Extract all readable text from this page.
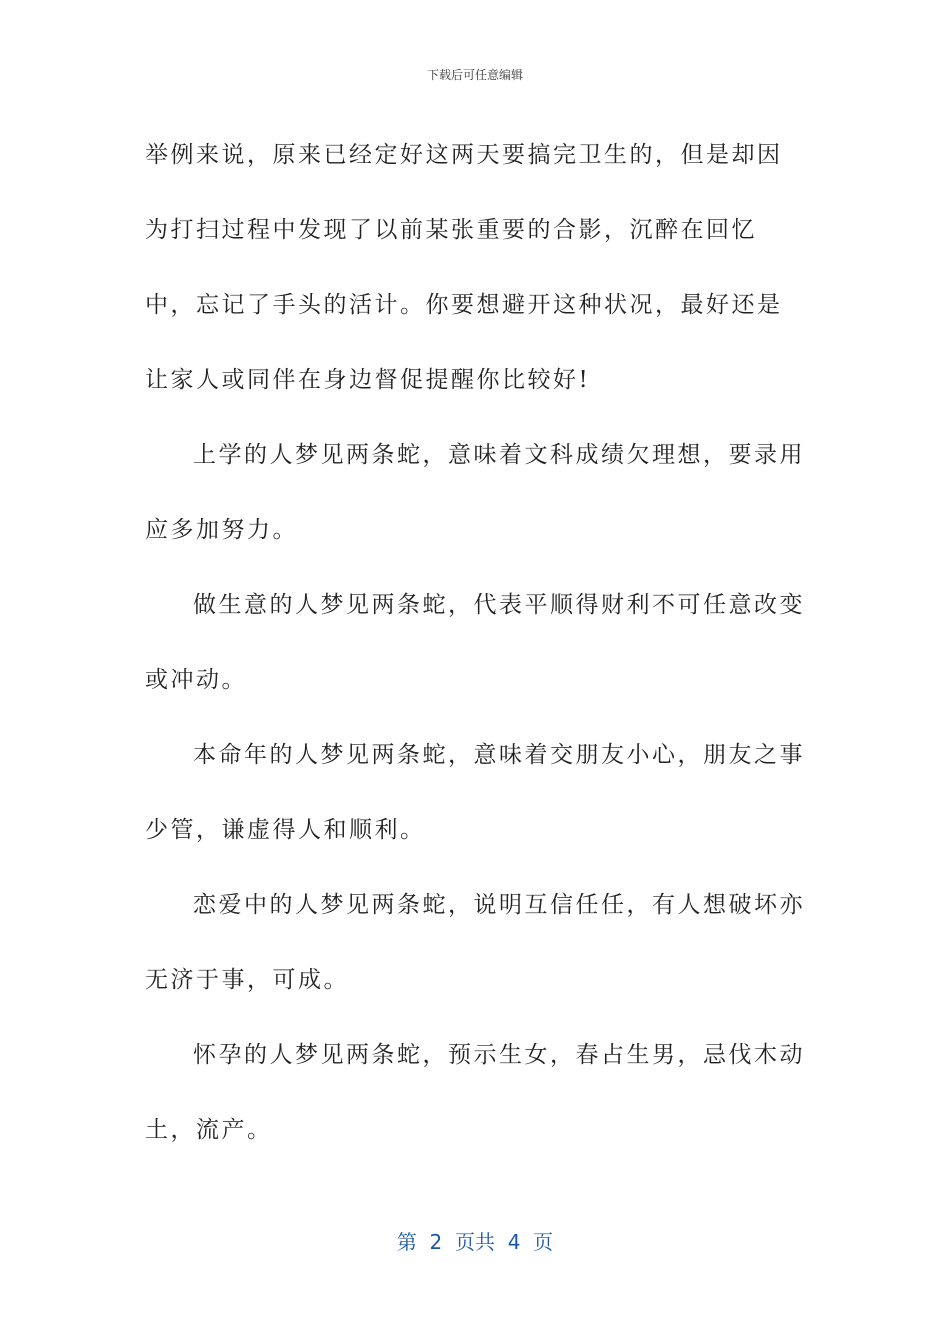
下载后可任意编辑

举例来说，原来已经定好这两天要搞完卫生的，但是却因为打扫过程中发现了以前某张重要的合影，沉醉在回忆中，忘记了手头的活计。你要想避开这种状况，最好还是让家人或同伴在身边督促提醒你比较好!

上学的人梦见两条蛇，意味着文科成绩欠理想，要录用应多加努力。

做生意的人梦见两条蛇，代表平顺得财利不可任意改变或冲动。

本命年的人梦见两条蛇，意味着交朋友小心，朋友之事少管，谦虚得人和顺利。

恋爱中的人梦见两条蛇，说明互信任任，有人想破坏亦无济于事，可成。

怀孕的人梦见两条蛇，预示生女，春占生男，忌伐木动土，流产。

第  2  页共  4  页
